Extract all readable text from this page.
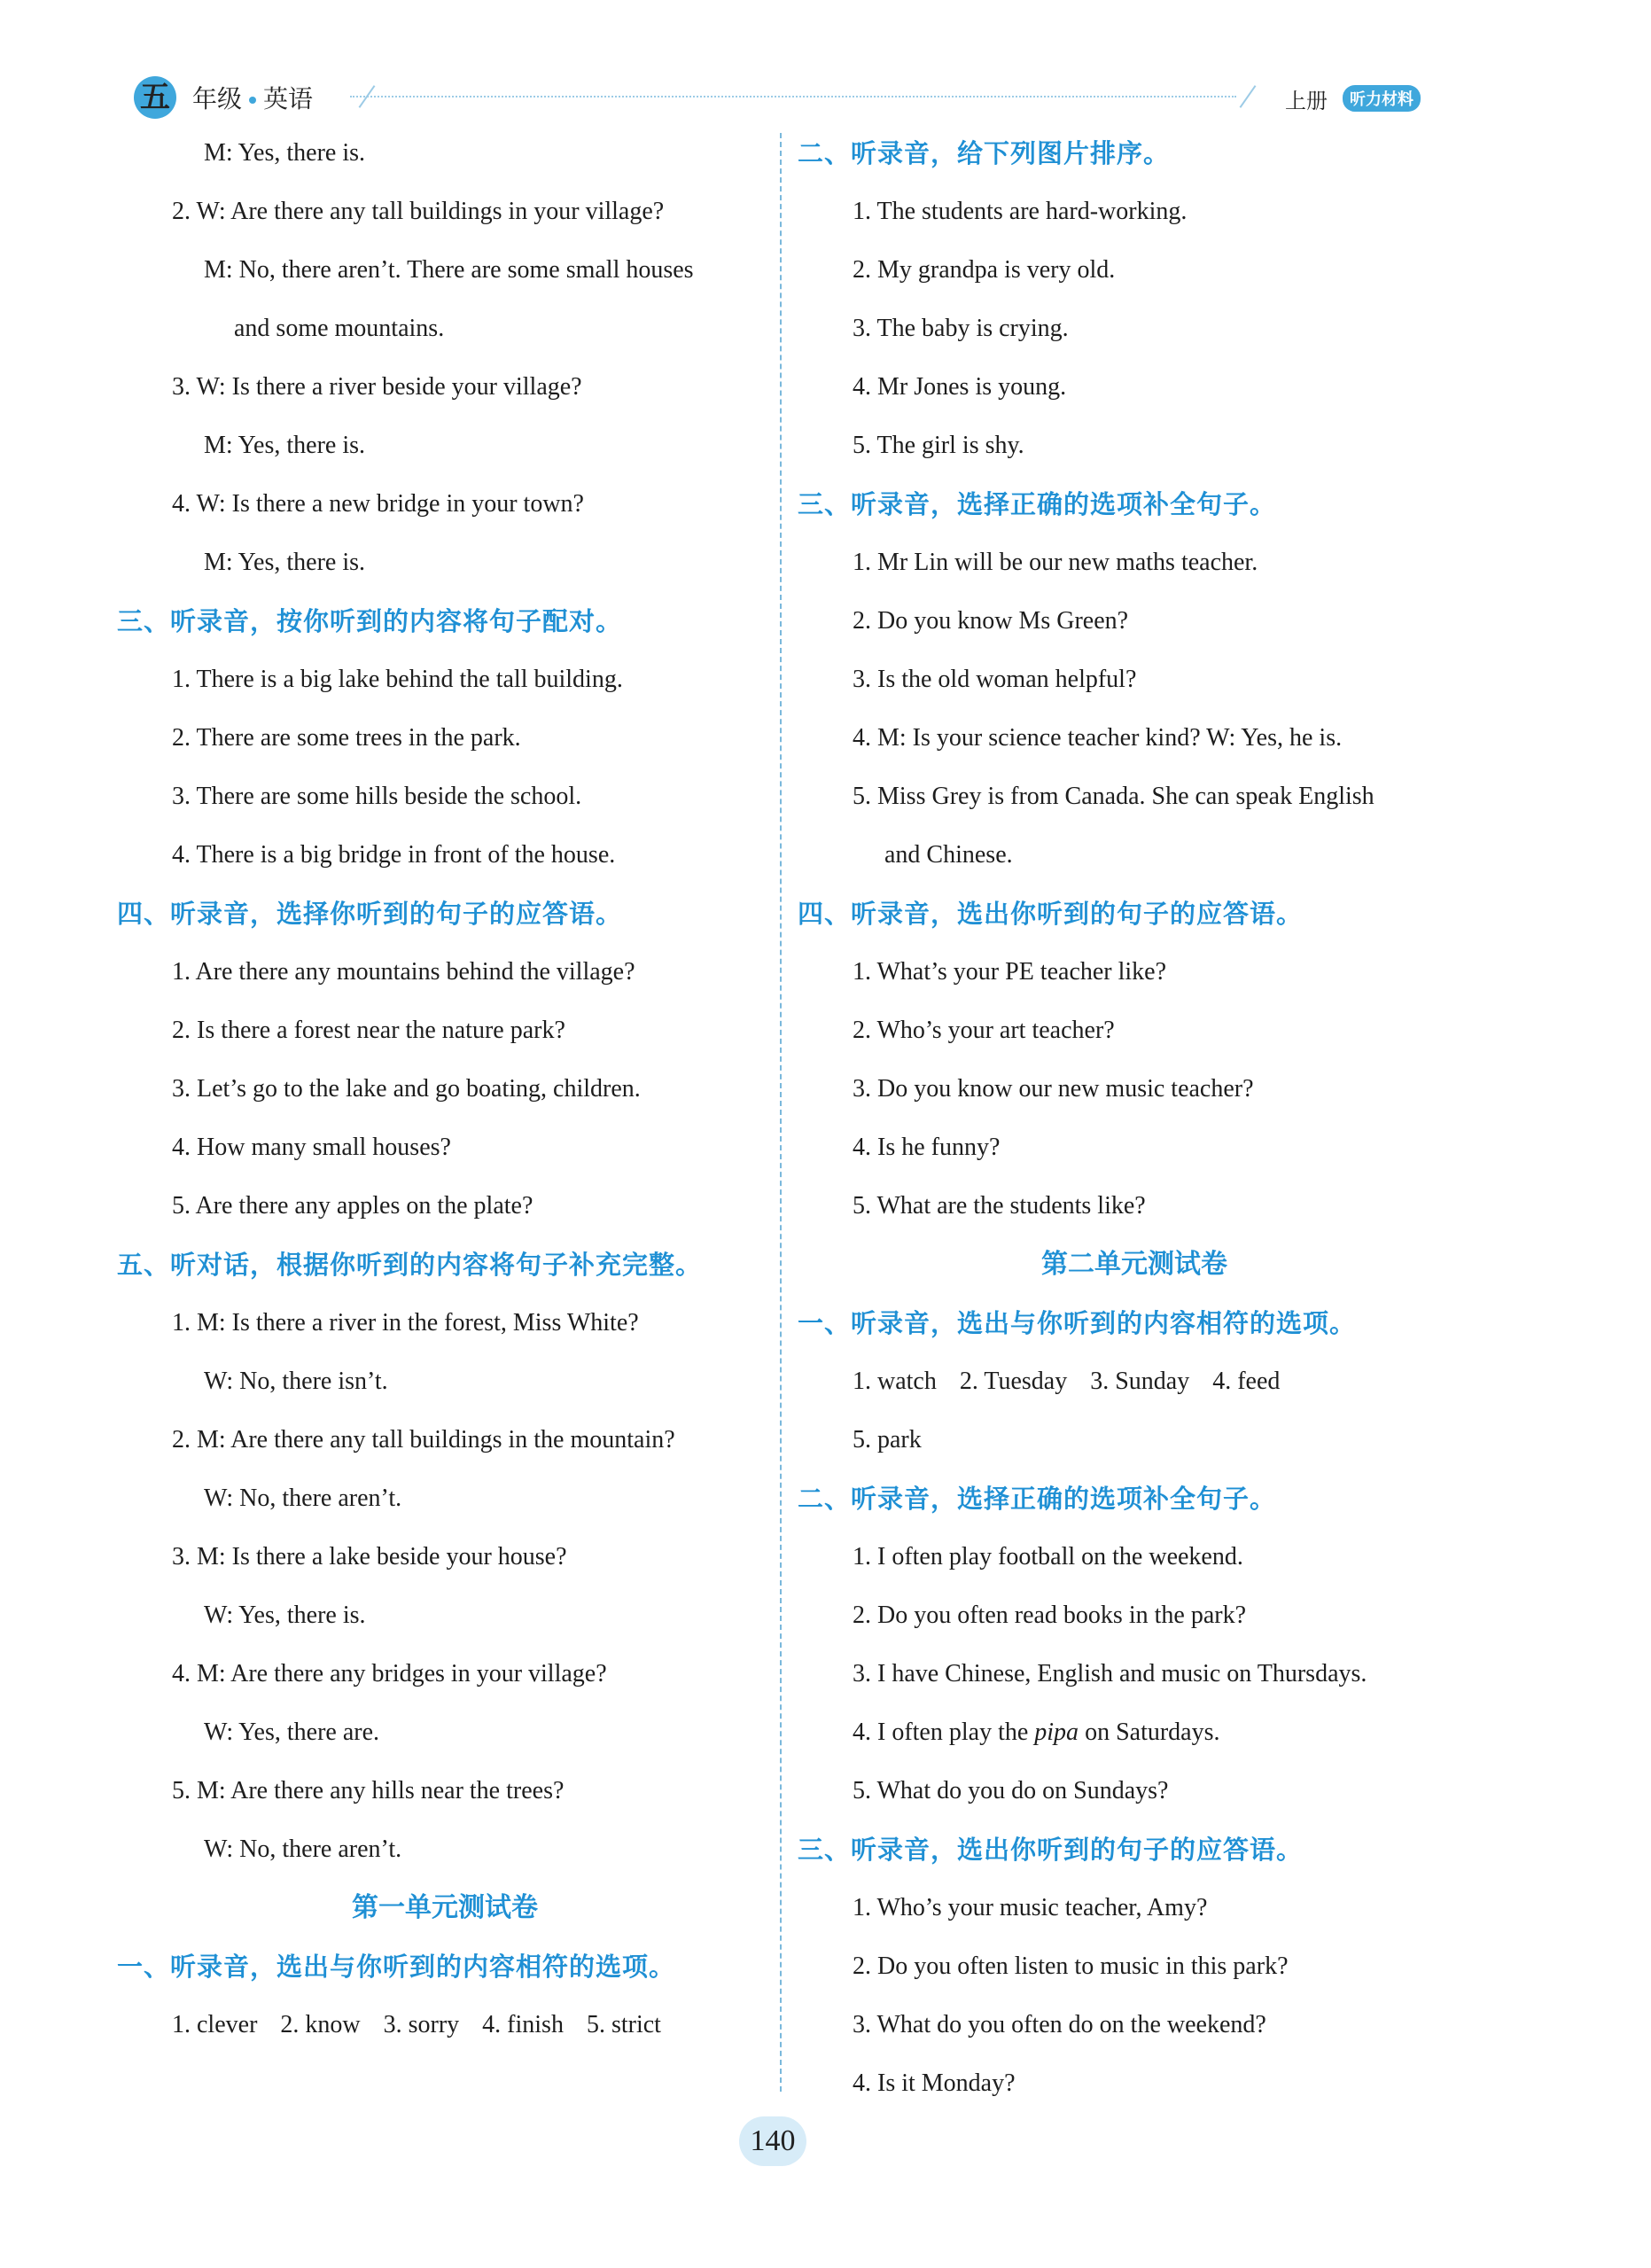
五 年级 英语	上册	听力材料
M: Yes, there is.
2. W: Are there any tall buildings in your village?
M: No, there aren’t. There are some small houses
and some mountains.
3. W: Is there a river beside your village?
M: Yes, there is.
4. W: Is there a new bridge in your town?
M: Yes, there is.
三、听录音，按你听到的内容将句子配对。
1. There is a big lake behind the tall building.
2. There are some trees in the park.
3. There are some hills beside the school.
4. There is a big bridge in front of the house.
四、听录音，选择你听到的句子的应答语。
1. Are there any mountains behind the village?
2. Is there a forest near the nature park?
3. Let’s go to the lake and go boating, children.
4. How many small houses?
5. Are there any apples on the plate?
五、听对话，根据你听到的内容将句子补充完整。
1. M: Is there a river in the forest, Miss White?
W: No, there isn’t.
2. M: Are there any tall buildings in the mountain?
W: No, there aren’t.
3. M: Is there a lake beside your house?
W: Yes, there is.
4. M: Are there any bridges in your village?
W: Yes, there are.
5. M: Are there any hills near the trees?
W: No, there aren’t.
第一单元测试卷
一、听录音，选出与你听到的内容相符的选项。
1. clever 2. know 3. sorry 4. finish 5. strict
二、听录音，给下列图片排序。
1. The students are hard-working.
2. My grandpa is very old.
3. The baby is crying.
4. Mr Jones is young.
5. The girl is shy.
三、听录音，选择正确的选项补全句子。
1. Mr Lin will be our new maths teacher.
2. Do you know Ms Green?
3. Is the old woman helpful?
4. M: Is your science teacher kind? W: Yes, he is.
5. Miss Grey is from Canada. She can speak English
and Chinese.
四、听录音，选出你听到的句子的应答语。
1. What’s your PE teacher like?
2. Who’s your art teacher?
3. Do you know our new music teacher?
4. Is he funny?
5. What are the students like?
第二单元测试卷
一、听录音，选出与你听到的内容相符的选项。
1. watch 2. Tuesday 3. Sunday 4. feed
5. park
二、听录音，选择正确的选项补全句子。
1. I often play football on the weekend.
2. Do you often read books in the park?
3. I have Chinese, English and music on Thursdays.
4. I often play the pipa on Saturdays.
5. What do you do on Sundays?
三、听录音，选出你听到的句子的应答语。
1. Who’s your music teacher, Amy?
2. Do you often listen to music in this park?
3. What do you often do on the weekend?
4. Is it Monday?
140
